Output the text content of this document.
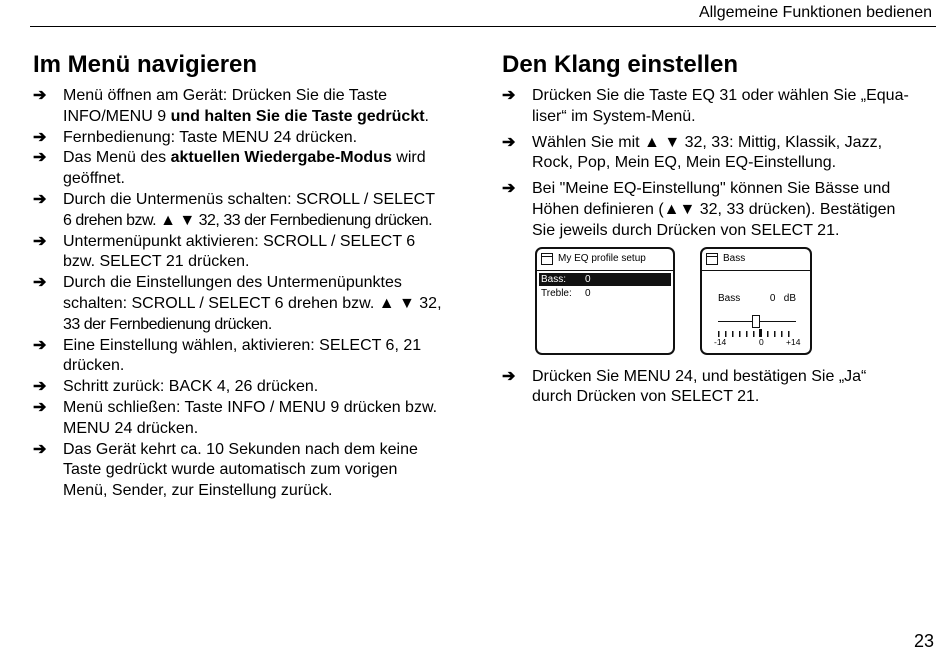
Allgemeine Funktionen bedienen
Im Menü navigieren
➔	Menü öffnen am Gerät: Drücken Sie die Taste
INFO/MENU 9 und halten Sie die Taste gedrückt.
➔	Fernbedienung: Taste MENU 24 drücken.
➔	Das Menü des aktuellen Wiedergabe-Modus wird
geöffnet.
➔	Durch die Untermenüs schalten: SCROLL / SELECT
6 drehen bzw. ▲ ▼ 32, 33 der Fernbedienung drücken.
➔	Untermenüpunkt aktivieren: SCROLL / SELECT 6
bzw. SELECT 21 drücken.
➔	Durch die Einstellungen des Untermenüpunktes
schalten: SCROLL / SELECT 6 drehen bzw. ▲ ▼ 32,
33 der Fernbedienung drücken.
➔	Eine Einstellung wählen, aktivieren: SELECT 6, 21
drücken.
➔	Schritt zurück: BACK 4, 26 drücken.
➔	Menü schließen: Taste INFO / MENU 9 drücken bzw.
MENU 24 drücken.
➔	Das Gerät kehrt ca. 10 Sekunden nach dem keine
Taste gedrückt wurde automatisch zum vorigen
Menü, Sender, zur Einstellung zurück.
Den Klang einstellen
➔	Drücken Sie die Taste EQ 31 oder wählen Sie „Equa-
liser“ im System-Menü.
➔	Wählen Sie mit ▲ ▼ 32, 33: Mittig, Klassik, Jazz,
Rock, Pop, Mein EQ, Mein EQ-Einstellung.
➔	Bei "Meine EQ-Einstellung" können Sie Bässe und
Höhen definieren (▲▼ 32, 33 drücken). Bestätigen
Sie jeweils durch Drücken von SELECT 21.
My EQ profile setup
Bass: 0
Treble: 0
Bass
Bass	0 dB
-14	0	+14
➔	Drücken Sie MENU 24, und bestätigen Sie „Ja“
durch Drücken von SELECT 21.
23
